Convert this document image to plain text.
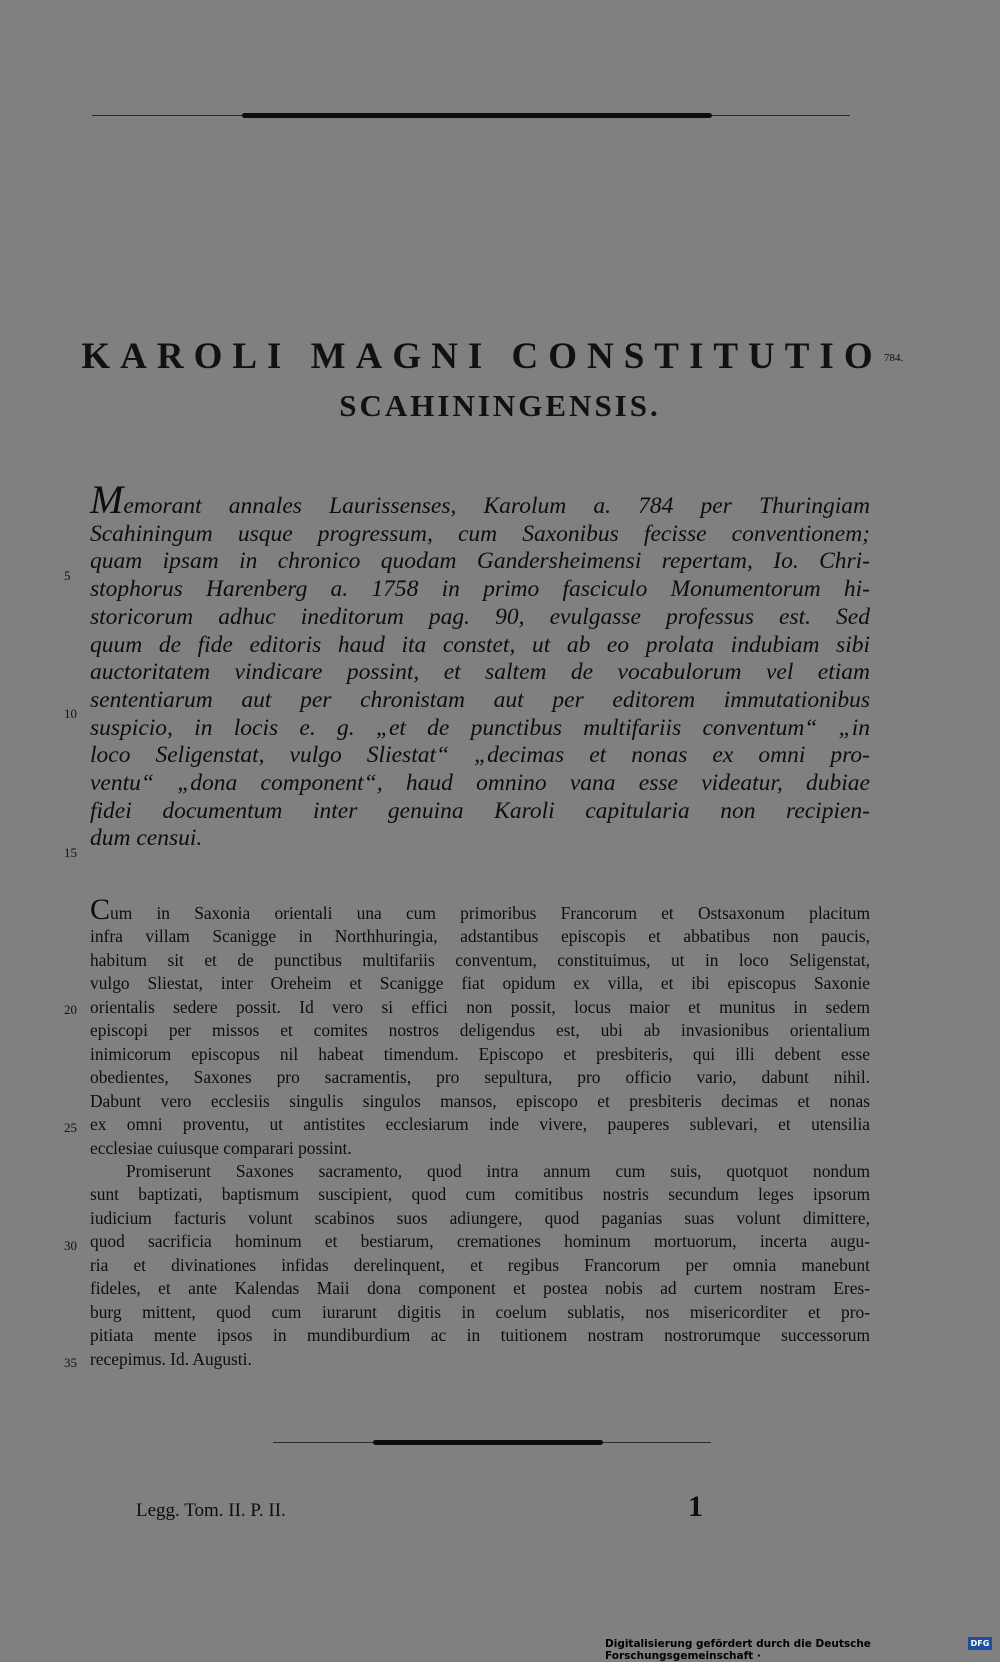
KAROLI MAGNI CONSTITUTIO 784.
SCAHININGENSIS.
Memorant annales Laurissenses, Karolum a. 784 per Thuringiam
Scahiningum usque progressum, cum Saxonibus fecisse conventionem;
quam ipsam in chronico quodam Gandersheimensi repertam, Io. Chri-
stophorus Harenberg a. 1758 in primo fasciculo Monumentorum hi-
storicorum adhuc ineditorum pag. 90, evulgasse professus est. Sed
quum de fide editoris haud ita constet, ut ab eo prolata indubiam sibi
auctoritatem vindicare possint, et saltem de vocabulorum vel etiam
sententiarum aut per chronistam aut per editorem immutationibus
suspicio, in locis e. g. „et de punctibus multifariis conventum“ „in
loco Seligenstat, vulgo Sliestat“ „decimas et nonas ex omni pro-
ventu“ „dona component“, haud omnino vana esse videatur, dubiae
fidei documentum inter genuina Karoli capitularia non recipien-
dum censui.
5
10
15
Cum in Saxonia orientali una cum primoribus Francorum et Ostsaxonum placitum
infra villam Scanigge in Northhuringia, adstantibus episcopis et abbatibus non paucis,
habitum sit et de punctibus multifariis conventum, constituimus, ut in loco Seligenstat,
vulgo Sliestat, inter Oreheim et Scanigge fiat opidum ex villa, et ibi episcopus Saxonie
orientalis sedere possit. Id vero si effici non possit, locus maior et munitus in sedem
episcopi per missos et comites nostros deligendus est, ubi ab invasionibus orientalium
inimicorum episcopus nil habeat timendum. Episcopo et presbiteris, qui illi debent esse
obedientes, Saxones pro sacramentis, pro sepultura, pro officio vario, dabunt nihil.
Dabunt vero ecclesiis singulis singulos mansos, episcopo et presbiteris decimas et nonas
ex omni proventu, ut antistites ecclesiarum inde vivere, pauperes sublevari, et utensilia
ecclesiae cuiusque comparari possint.
Promiserunt Saxones sacramento, quod intra annum cum suis, quotquot nondum
sunt baptizati, baptismum suscipient, quod cum comitibus nostris secundum leges ipsorum
iudicium facturis volunt scabinos suos adiungere, quod paganias suas volunt dimittere,
quod sacrificia hominum et bestiarum, cremationes hominum mortuorum, incerta augu-
ria et divinationes infidas derelinquent, et regibus Francorum per omnia manebunt
fideles, et ante Kalendas Maii dona component et postea nobis ad curtem nostram Eres-
burg mittent, quod cum iurarunt digitis in coelum sublatis, nos misericorditer et pro-
pitiata mente ipsos in mundiburdium ac in tuitionem nostram nostrorumque successorum
recepimus. Id. Augusti.
20
25
30
35
Legg. Tom. II. P. II.	1
Digitalisierung gefördert durch die Deutsche Forschungsgemeinschaft ·
DFG
